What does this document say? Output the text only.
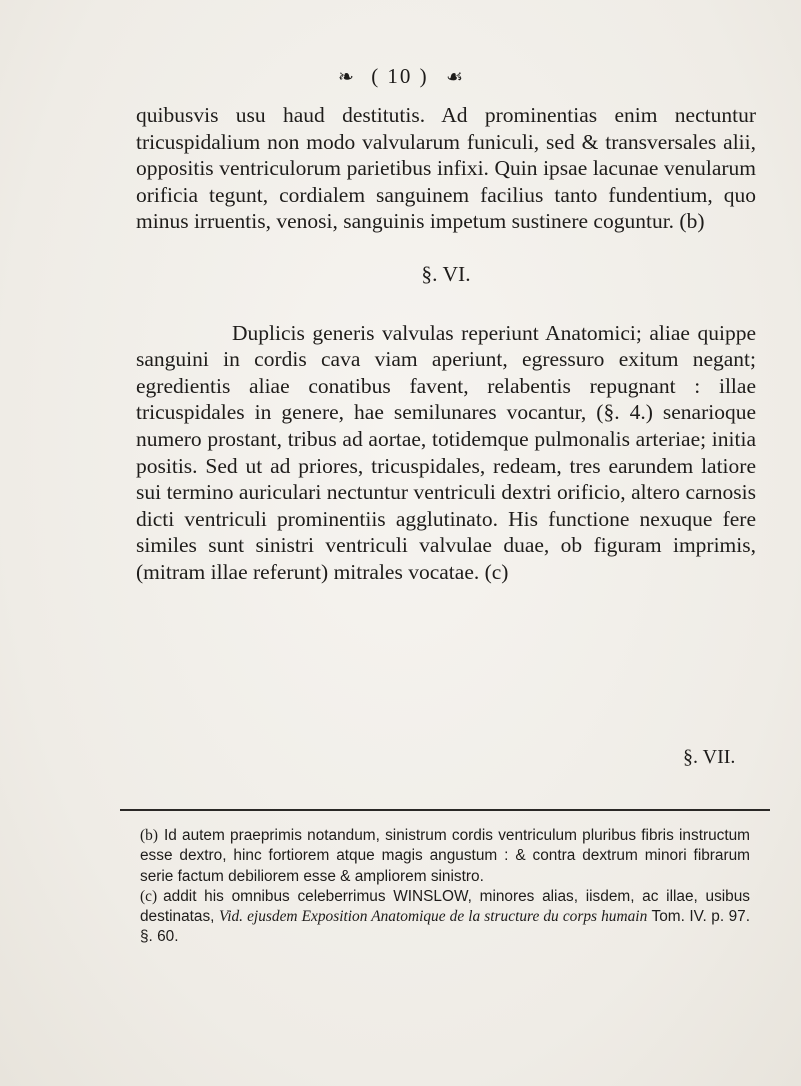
❧ ( 10 ) ☙

quibusvis usu haud destitutis. Ad prominentias enim nectuntur tricuspidalium non modo valvularum funiculi, sed & transversales alii, oppositis ventriculorum parietibus infixi. Quin ipsae lacunae venularum orificia tegunt, cordialem sanguinem facilius tanto fundentium, quo minus irruentis, venosi, sanguinis impetum sustinere coguntur. (b)

§. VI.

Duplicis generis valvulas reperiunt Anatomici; aliae quippe sanguini in cordis cava viam aperiunt, egressuro exitum negant; egredientis aliae conatibus favent, relabentis repugnant : illae tricuspidales in genere, hae semilunares vocantur, (§. 4.) senarioque numero prostant, tribus ad aortae, totidemque pulmonalis arteriae; initia positis. Sed ut ad priores, tricuspidales, redeam, tres earundem latiore sui termino auriculari nectuntur ventriculi dextri orificio, altero carnosis dicti ventriculi prominentiis agglutinato. His functione nexuque fere similes sunt sinistri ventriculi valvulae duae, ob figuram imprimis, (mitram illae referunt) mitrales vocatae. (c)

§. VII.

(b) Id autem praeprimis notandum, sinistrum cordis ventriculum pluribus fibris instructum esse dextro, hinc fortiorem atque magis angustum : & contra dextrum minori fibrarum serie factum debiliorem esse & ampliorem sinistro.

(c) addit his omnibus celeberrimus WINSLOW, minores alias, iisdem, ac illae, usibus destinatas, Vid. ejusdem Exposition Anatomique de la structure du corps humain Tom. IV. p. 97. §. 60.
